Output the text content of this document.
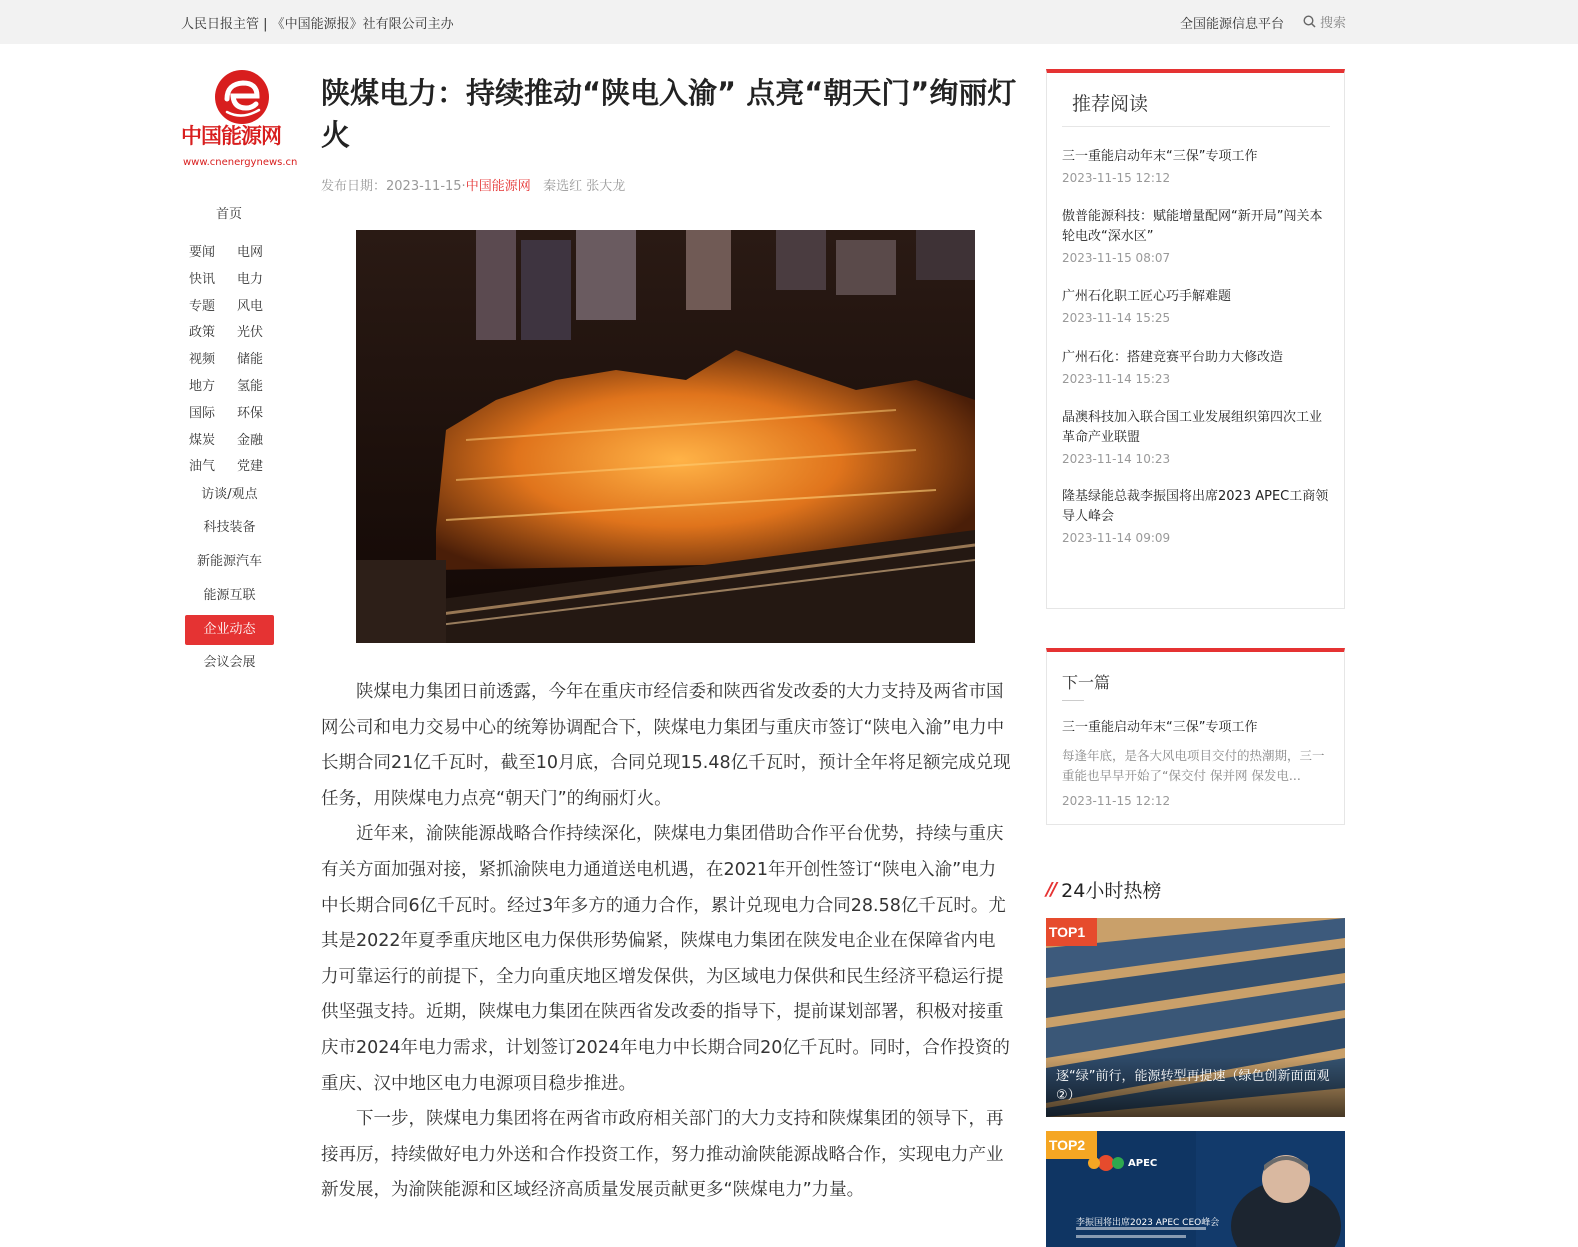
人民日报主管 | 《中国能源报》社有限公司主办	全国能源信息平台	搜索
中国能源网
www.cnenergynews.cn
首页
要闻	电网
快讯	电力
专题	风电
政策	光伏
视频	储能
地方	氢能
国际	环保
煤炭	金融
油气	党建
访谈/观点
科技装备
新能源汽车
能源互联
企业动态
会议会展
陕煤电力：持续推动“陕电入渝” 点亮“朝天门”绚丽灯火
发布日期：2023-11-15·中国能源网 秦选红 张大龙

陕煤电力集团日前透露，今年在重庆市经信委和陕西省发改委的大力支持及两省市国网公司和电力交易中心的统筹协调配合下，陕煤电力集团与重庆市签订“陕电入渝”电力中长期合同21亿千瓦时，截至10月底，合同兑现15.48亿千瓦时，预计全年将足额完成兑现任务，用陕煤电力点亮“朝天门”的绚丽灯火。

近年来，渝陕能源战略合作持续深化，陕煤电力集团借助合作平台优势，持续与重庆有关方面加强对接，紧抓渝陕电力通道送电机遇，在2021年开创性签订“陕电入渝”电力中长期合同6亿千瓦时。经过3年多方的通力合作，累计兑现电力合同28.58亿千瓦时。尤其是2022年夏季重庆地区电力保供形势偏紧，陕煤电力集团在陕发电企业在保障省内电力可靠运行的前提下，全力向重庆地区增发保供，为区域电力保供和民生经济平稳运行提供坚强支持。近期，陕煤电力集团在陕西省发改委的指导下，提前谋划部署，积极对接重庆市2024年电力需求，计划签订2024年电力中长期合同20亿千瓦时。同时，合作投资的重庆、汉中地区电力电源项目稳步推进。

下一步，陕煤电力集团将在两省市政府相关部门的大力支持和陕煤集团的领导下，再接再厉，持续做好电力外送和合作投资工作，努力推动渝陕能源战略合作，实现电力产业新发展，为渝陕能源和区域经济高质量发展贡献更多“陕煤电力”力量。

推荐阅读
三一重能启动年末“三保”专项工作
2023-11-15 12:12
傲普能源科技：赋能增量配网“新开局”闯关本轮电改“深水区”
2023-11-15 08:07
广州石化职工匠心巧手解难题
2023-11-14 15:25
广州石化：搭建竞赛平台助力大修改造
2023-11-14 15:23
晶澳科技加入联合国工业发展组织第四次工业革命产业联盟
2023-11-14 10:23
隆基绿能总裁李振国将出席2023 APEC工商领导人峰会
2023-11-14 09:09
下一篇
三一重能启动年末“三保”专项工作
每逢年底，是各大风电项目交付的热潮期，三一重能也早早开始了“保交付 保并网 保发电...
2023-11-15 12:12
// 24小时热榜
TOP1
逐“绿”前行，能源转型再提速（绿色创新面面观②）
APEC
李振国将出席2023 APEC CEO峰会
TOP2
